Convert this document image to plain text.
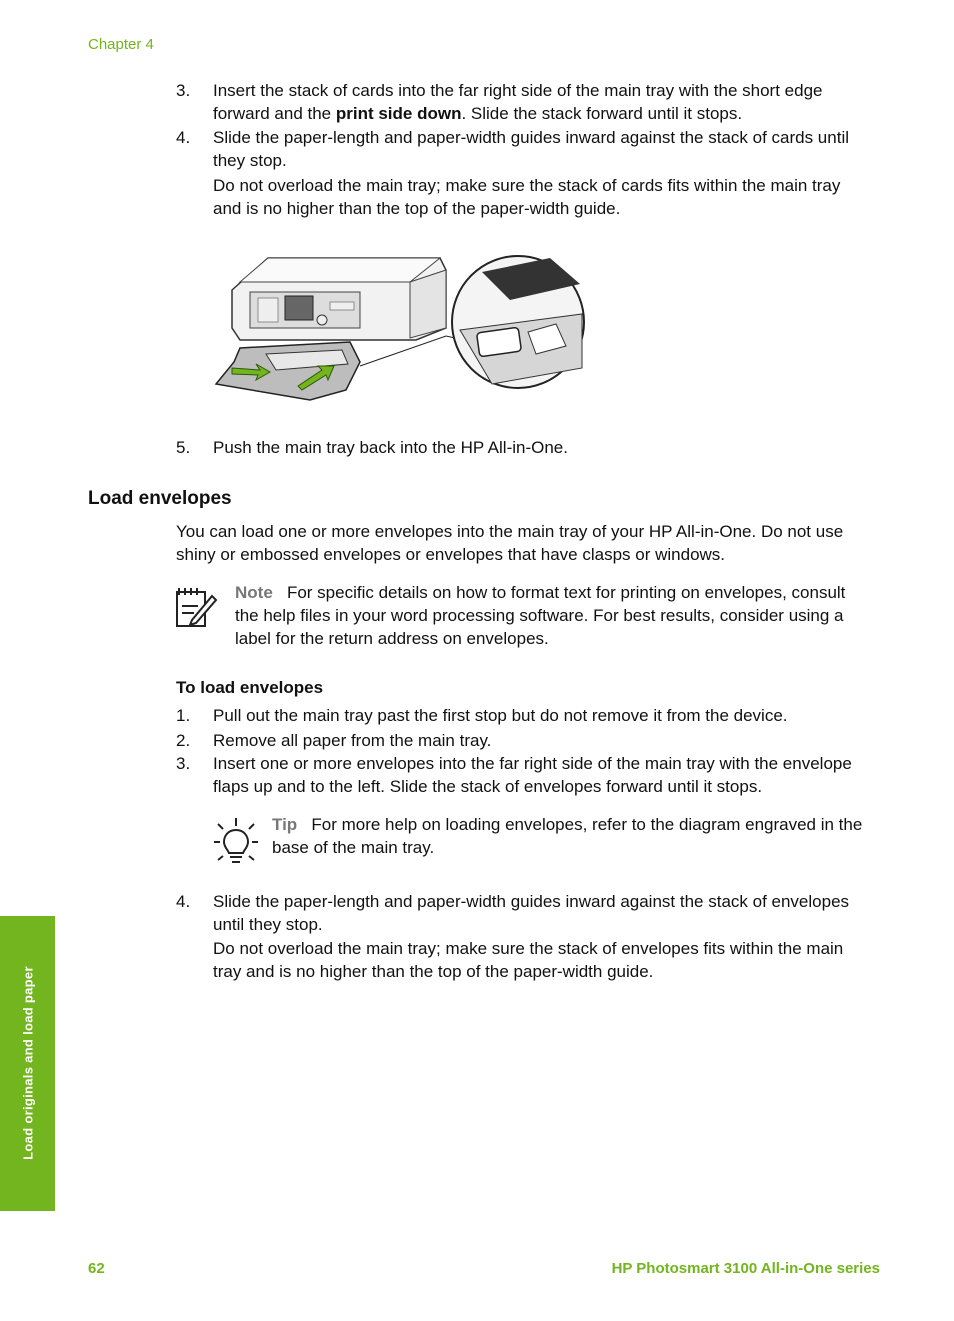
Chapter 4
3. Insert the stack of cards into the far right side of the main tray with the short edge forward and the print side down. Slide the stack forward until it stops.
4. Slide the paper-length and paper-width guides inward against the stack of cards until they stop.
Do not overload the main tray; make sure the stack of cards fits within the main tray and is no higher than the top of the paper-width guide.
5. Push the main tray back into the HP All-in-One.
Load envelopes
You can load one or more envelopes into the main tray of your HP All-in-One. Do not use shiny or embossed envelopes or envelopes that have clasps or windows.
Note For specific details on how to format text for printing on envelopes, consult the help files in your word processing software. For best results, consider using a label for the return address on envelopes.
To load envelopes
1. Pull out the main tray past the first stop but do not remove it from the device.
2. Remove all paper from the main tray.
3. Insert one or more envelopes into the far right side of the main tray with the envelope flaps up and to the left. Slide the stack of envelopes forward until it stops.
Tip For more help on loading envelopes, refer to the diagram engraved in the base of the main tray.
4. Slide the paper-length and paper-width guides inward against the stack of envelopes until they stop.
Do not overload the main tray; make sure the stack of envelopes fits within the main tray and is no higher than the top of the paper-width guide.
Load originals and load paper
62	HP Photosmart 3100 All-in-One series
